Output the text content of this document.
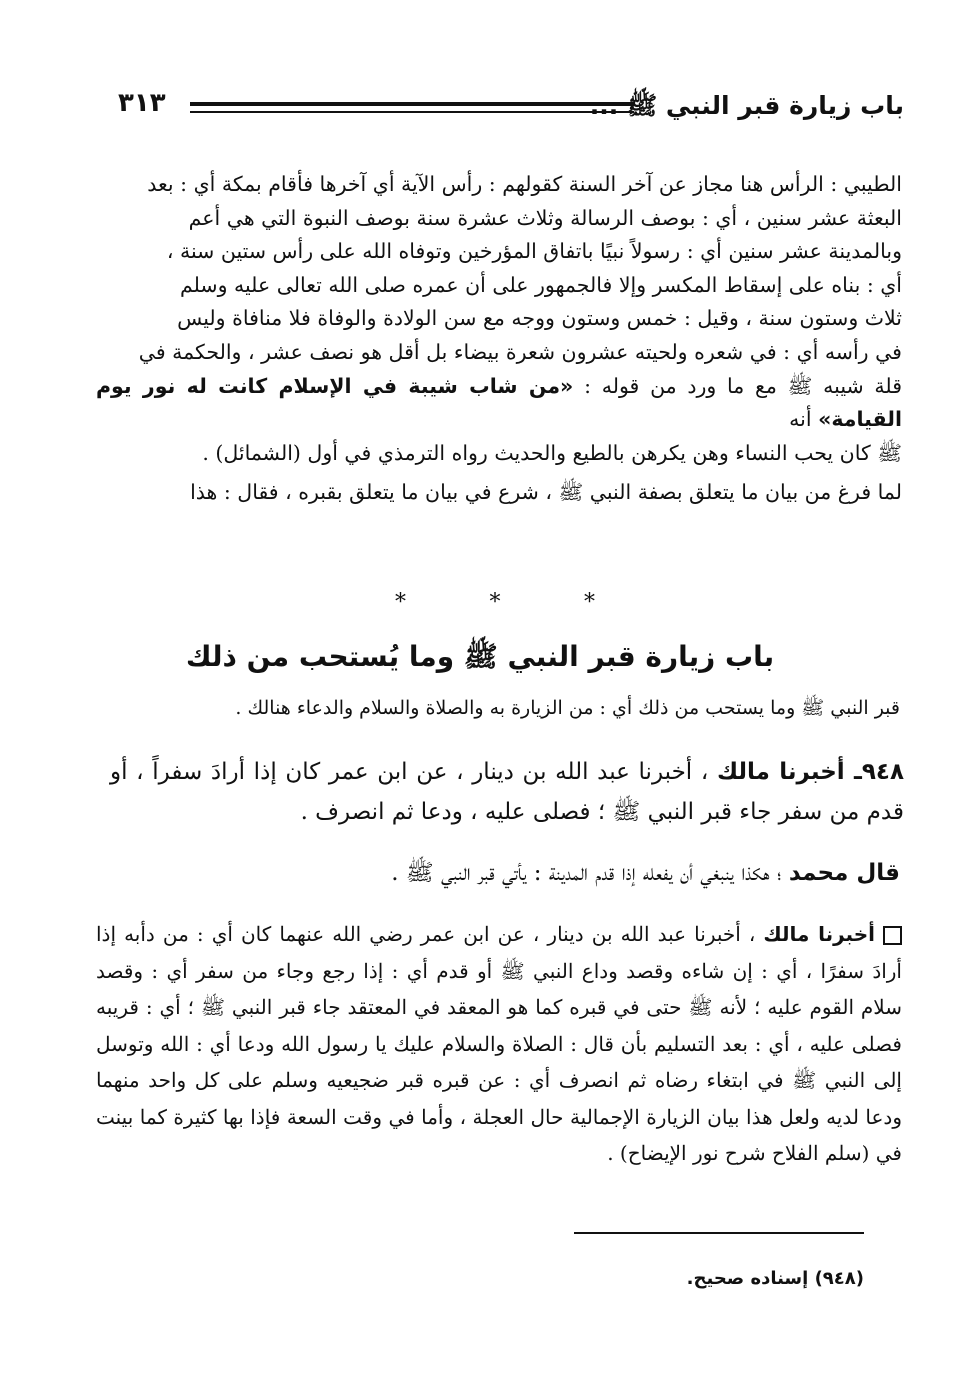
باب زيارة قبر النبي ﷺ ...
٣١٣
الطيبي : الرأس هنا مجاز عن آخر السنة كقولهم : رأس الآية أي آخرها فأقام بمكة أي : بعد
البعثة عشر سنين ، أي : بوصف الرسالة وثلاث عشرة سنة بوصف النبوة التي هي أعم
وبالمدينة عشر سنين أي : رسولاً نبيًا باتفاق المؤرخين وتوفاه الله على رأس ستين سنة ،
أي : بناه على إسقاط المكسر وإلا فالجمهور على أن عمره صلى الله تعالى عليه وسلم
ثلاث وستون سنة ، وقيل : خمس وستون ووجه مع سن الولادة والوفاة فلا منافاة وليس
في رأسه أي : في شعره ولحيته عشرون شعرة بيضاء بل أقل هو نصف عشر ، والحكمة في
قلة شيبه ﷺ مع ما ورد من قوله : «من شاب شيبة في الإسلام كانت له نور يوم القيامة» أنه
ﷺ كان يحب النساء وهن يكرهن بالطيع والحديث رواه الترمذي في أول (الشمائل) .
لما فرغ من بيان ما يتعلق بصفة النبي ﷺ ، شرع في بيان ما يتعلق بقبره ، فقال : هذا
*	*	*
باب زيارة قبر النبي ﷺ وما يُستحب من ذلك
قبر النبي ﷺ وما يستحب من ذلك أي : من الزيارة به والصلاة والسلام والدعاء هنالك .
٩٤٨ـ أخبرنا مالك ، أخبرنا عبد الله بن دينار ، عن ابن عمر كان إذا أرادَ سفراً ، أو قدم من سفر جاء قبر النبي ﷺ ؛ فصلى عليه ، ودعا ثم انصرف .
قال محمد ؛ هكذا ينبغي أن يفعله إذا قدم المدينة : يأتي قبر النبي ﷺ .
أخبرنا مالك ، أخبرنا عبد الله بن دينار ، عن ابن عمر رضي الله عنهما كان أي : من دأبه إذا أرادَ سفرًا ، أي : إن شاءه وقصد وداع النبي ﷺ أو قدم أي : إذا رجع وجاء من سفر أي : وقصد سلام القوم عليه ؛ لأنه ﷺ حتى في قبره كما هو المعقد في المعتقد جاء قبر النبي ﷺ ؛ أي : قريبه فصلى عليه ، أي : بعد التسليم بأن قال : الصلاة والسلام عليك يا رسول الله ودعا أي : الله وتوسل إلى النبي ﷺ في ابتغاء رضاه ثم انصرف أي : عن قبره قبر ضجيعيه وسلم على كل واحد منهما ودعا لديه ولعل هذا بيان الزيارة الإجمالية حال العجلة ، وأما في وقت السعة فإذا بها كثيرة كما بينت في (سلم الفلاح شرح نور الإيضاح) .
(٩٤٨) إسناده صحيح.
